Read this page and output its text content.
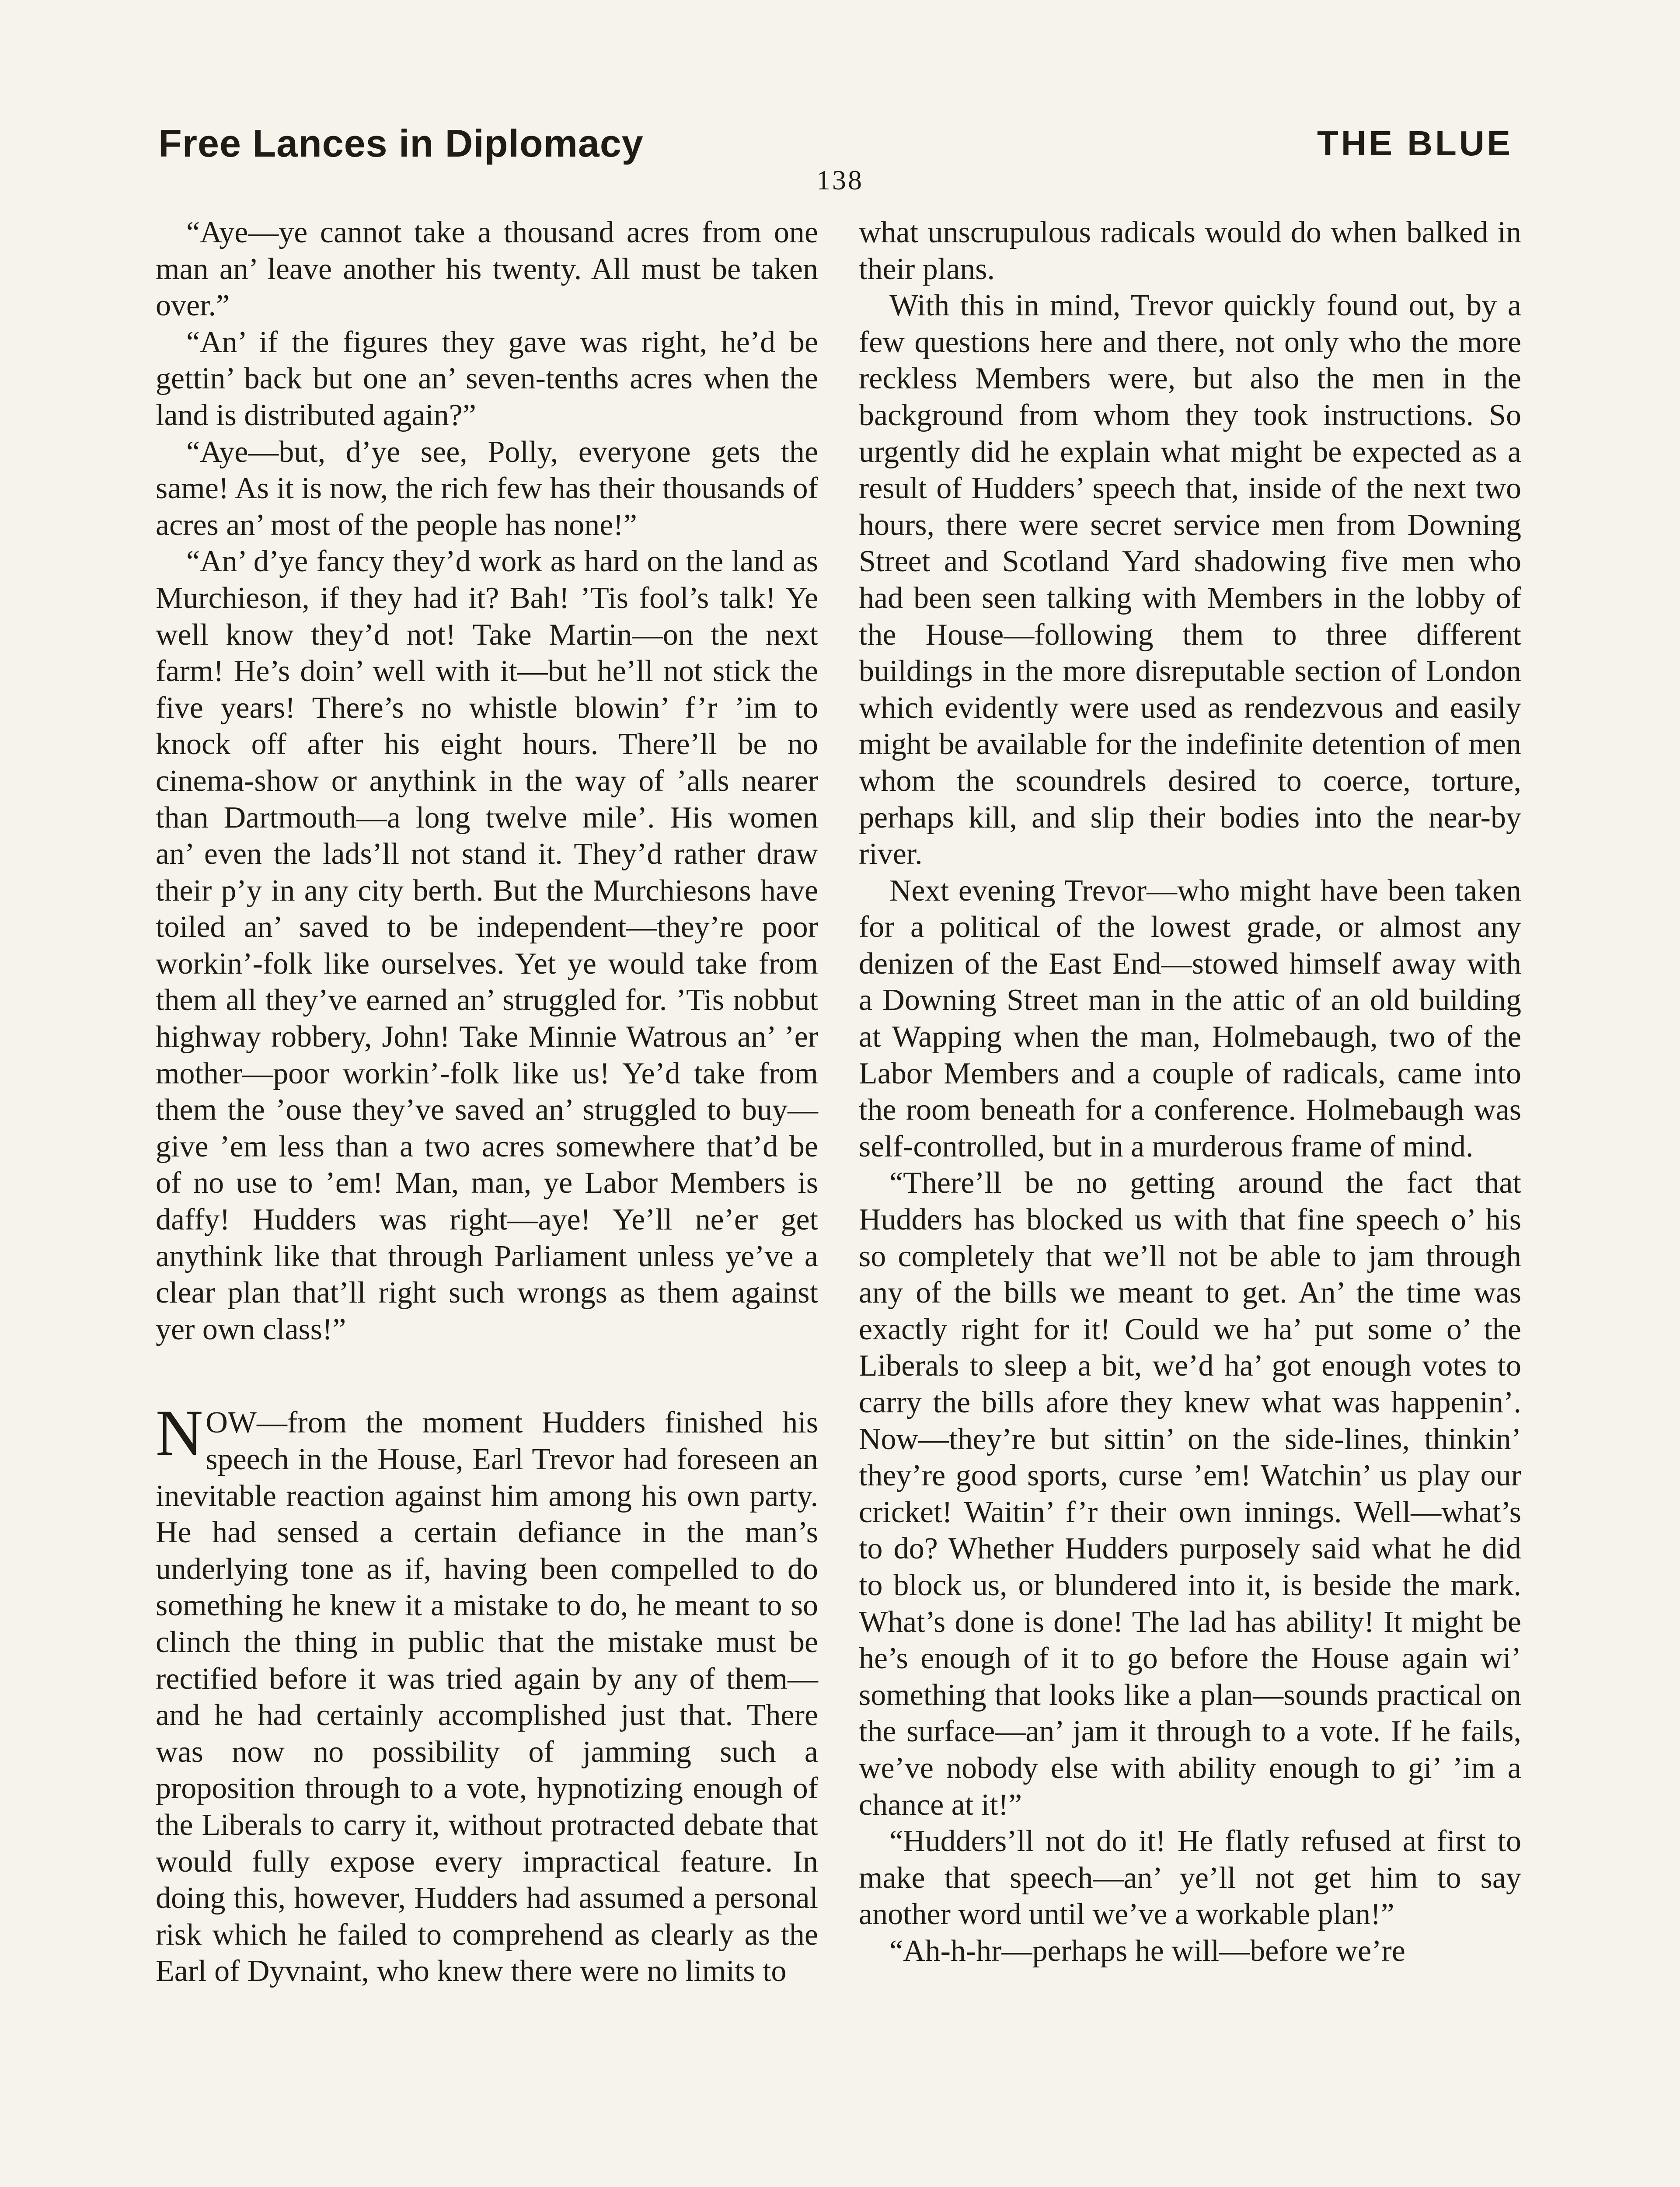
Free Lances in Diplomacy	THE BLUE
138

“Aye—ye cannot take a thousand acres from one man an’ leave another his twenty. All must be taken over.”

“An’ if the figures they gave was right, he’d be gettin’ back but one an’ seven-tenths acres when the land is distributed again?”

“Aye—but, d’ye see, Polly, everyone gets the same! As it is now, the rich few has their thousands of acres an’ most of the people has none!”

“An’ d’ye fancy they’d work as hard on the land as Murchieson, if they had it? Bah! ’Tis fool’s talk! Ye well know they’d not! Take Martin—on the next farm! He’s doin’ well with it—but he’ll not stick the five years! There’s no whistle blowin’ f’r ’im to knock off after his eight hours. There’ll be no cinema-show or anythink in the way of ’alls nearer than Dartmouth—a long twelve mile’. His women an’ even the lads’ll not stand it. They’d rather draw their p’y in any city berth. But the Murchiesons have toiled an’ saved to be independent—they’re poor workin’-folk like ourselves. Yet ye would take from them all they’ve earned an’ struggled for. ’Tis nobbut highway robbery, John! Take Minnie Watrous an’ ’er mother—poor workin’-folk like us! Ye’d take from them the ’ouse they’ve saved an’ struggled to buy—give ’em less than a two acres somewhere that’d be of no use to ’em! Man, man, ye Labor Members is daffy! Hudders was right—aye! Ye’ll ne’er get anythink like that through Parliament unless ye’ve a clear plan that’ll right such wrongs as them against yer own class!”

NOW—from the moment Hudders finished his speech in the House, Earl Trevor had foreseen an inevitable reaction against him among his own party. He had sensed a certain defiance in the man’s underlying tone as if, having been compelled to do something he knew it a mistake to do, he meant to so clinch the thing in public that the mistake must be rectified before it was tried again by any of them—and he had certainly accomplished just that. There was now no possibility of jamming such a proposition through to a vote, hypnotizing enough of the Liberals to carry it, without protracted debate that would fully expose every impractical feature. In doing this, however, Hudders had assumed a personal risk which he failed to comprehend as clearly as the Earl of Dyvnaint, who knew there were no limits to

what unscrupulous radicals would do when balked in their plans.

With this in mind, Trevor quickly found out, by a few questions here and there, not only who the more reckless Members were, but also the men in the background from whom they took instructions. So urgently did he explain what might be expected as a result of Hudders’ speech that, inside of the next two hours, there were secret service men from Downing Street and Scotland Yard shadowing five men who had been seen talking with Members in the lobby of the House—following them to three different buildings in the more disreputable section of London which evidently were used as rendezvous and easily might be available for the indefinite detention of men whom the scoundrels desired to coerce, torture, perhaps kill, and slip their bodies into the near-by river.

Next evening Trevor—who might have been taken for a political of the lowest grade, or almost any denizen of the East End—stowed himself away with a Downing Street man in the attic of an old building at Wapping when the man, Holmebaugh, two of the Labor Members and a couple of radicals, came into the room beneath for a conference. Holmebaugh was self-controlled, but in a murderous frame of mind.

“There’ll be no getting around the fact that Hudders has blocked us with that fine speech o’ his so completely that we’ll not be able to jam through any of the bills we meant to get. An’ the time was exactly right for it! Could we ha’ put some o’ the Liberals to sleep a bit, we’d ha’ got enough votes to carry the bills afore they knew what was happenin’. Now—they’re but sittin’ on the side-lines, thinkin’ they’re good sports, curse ’em! Watchin’ us play our cricket! Waitin’ f’r their own innings. Well—what’s to do? Whether Hudders purposely said what he did to block us, or blundered into it, is beside the mark. What’s done is done! The lad has ability! It might be he’s enough of it to go before the House again wi’ something that looks like a plan—sounds practical on the surface—an’ jam it through to a vote. If he fails, we’ve nobody else with ability enough to gi’ ’im a chance at it!”

“Hudders’ll not do it! He flatly refused at first to make that speech—an’ ye’ll not get him to say another word until we’ve a workable plan!”

“Ah-h-hr—perhaps he will—before we’re
